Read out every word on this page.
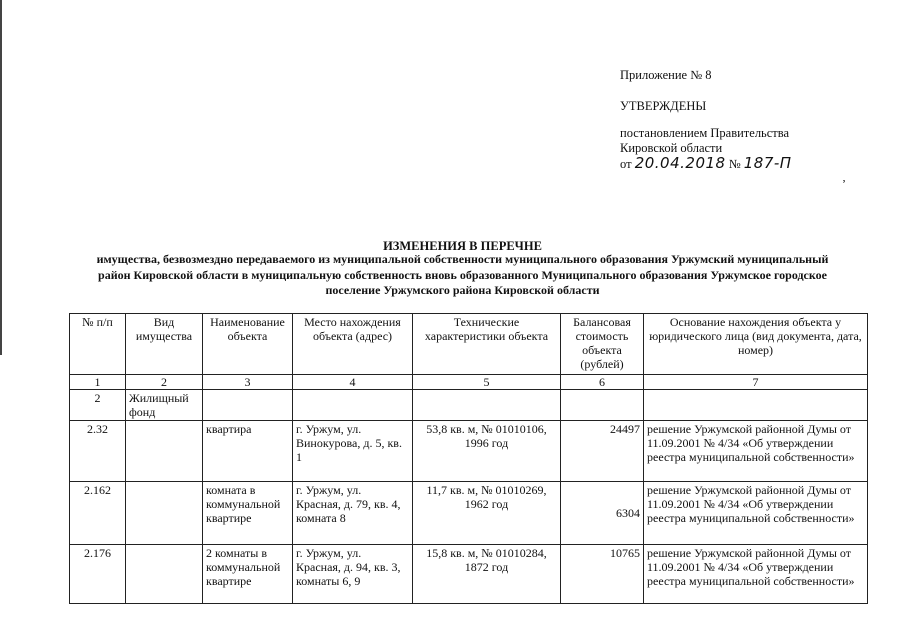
Приложение № 8
УТВЕРЖДЕНЫ
постановлением Правительства
Кировской области
от 20.04.2018 № 187-П
‚
ИЗМЕНЕНИЯ В ПЕРЕЧНЕ
имущества, безвозмездно передаваемого из муниципальной собственности муниципального образования Уржумский муниципальный район Кировской области в муниципальную собственность вновь образованного Муниципального образования Уржумское городское поселение Уржумского района Кировской области
№ п/п	Вид имущества	Наименование объекта	Место нахождения объекта (адрес)	Технические характеристики объекта	Балансовая стоимость объекта (рублей)	Основание нахождения объекта у юридического лица (вид документа, дата, номер)
1	2	3	4	5	6	7
2	Жилищный фонд					
2.32		квартира	г. Уржум, ул. Винокурова, д. 5, кв. 1	53,8 кв. м, № 01010106, 1996 год	24497	решение Уржумской районной Думы от 11.09.2001 № 4/34 «Об утверждении реестра муниципальной собственности»
2.162		комната в коммунальной квартире	г. Уржум, ул. Красная, д. 79, кв. 4, комната 8	11,7 кв. м, № 01010269, 1962 год	6304	решение Уржумской районной Думы от 11.09.2001 № 4/34 «Об утверждении реестра муниципальной собственности»
2.176		2 комнаты в коммунальной квартире	г. Уржум, ул. Красная, д. 94, кв. 3, комнаты 6, 9	15,8 кв. м, № 01010284, 1872 год	10765	решение Уржумской районной Думы от 11.09.2001 № 4/34 «Об утверждении реестра муниципальной собственности»
